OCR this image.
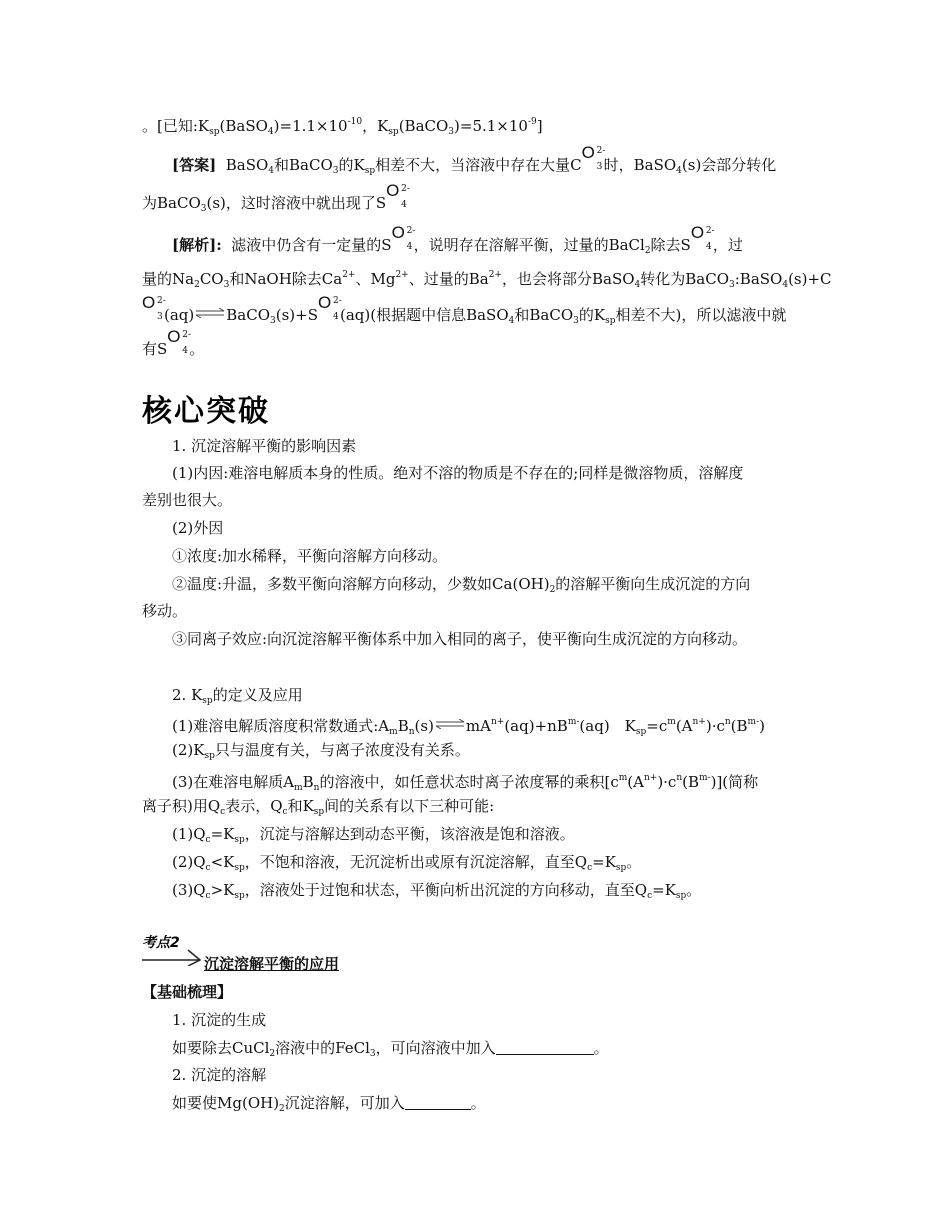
。[已知$:K_{sp}(BaSO_4)=1.1\times 10^{-10}$，$K_{sp}(BaCO_3)=5.1\times 10^{-9}$]
[答案] BaSO$_4$和BaCO$_3$的$K_{sp}$相差不大，当溶液中存在大量C
O 2-
3 时，BaSO$_4$(s)会部分转化
为BaCO$_3$(s)，这时溶液中就出现了S
O 2-
4
[解析]: 滤液中仍含有一定量的S
O 2-
4 ，说明存在溶解平衡，过量的BaCl$_2$除去S
O 2-
4 ，过
量的$Na_2CO_3$和NaOH除去$Ca^{2+}$、$Mg^{2+}$、过量的$Ba^{2+}$，也会将部分BaSO$_4$转化为BaCO$_3$:BaSO$_4$(s)+C
O 2-
3 (aq)⇌BaCO$_3$(s)+S
O 2-
4 (aq)(根据题中信息BaSO$_4$和BaCO$_3$的$K_{sp}$相差不大)，所以滤液中就
有S
O 2-
4 。
核心突破
1. 沉淀溶解平衡的影响因素
(1)内因:难溶电解质本身的性质。绝对不溶的物质是不存在的;同样是微溶物质，溶解度
差别也很大。
(2)外因
①浓度:加水稀释，平衡向溶解方向移动。
②温度:升温，多数平衡向溶解方向移动，少数如$Ca(OH)_2$的溶解平衡向生成沉淀的方向
移动。
③同离子效应:向沉淀溶解平衡体系中加入相同的离子，使平衡向生成沉淀的方向移动。
2. $K_{sp}$的定义及应用
(1)难溶电解质溶度积常数通式$:A_mB_n(s)\rightleftharpoons mA^{n+}(aq)+nB^{m-}(aq)$　$K_{sp}=c^m(A^{n+})\cdot c^n(B^{m-})$
$(2)K_{sp}$只与温度有关，与离子浓度没有关系。
(3)在难溶电解质$A_mB_n$的溶液中，如任意状态时离子浓度幂的乘积$[c^m(A^{n+})\cdot c^n(B^{m-})]$(简称
离子积)用$Q_c$表示，$Q_c$和$K_{sp}$间的关系有以下三种可能:
$(1)Q_c=K_{sp}$，沉淀与溶解达到动态平衡，该溶液是饱和溶液。
$(2)Q_c<K_{sp}$，不饱和溶液，无沉淀析出或原有沉淀溶解，直至$Q_c=K_{sp}$。
$(3)Q_c>K_{sp}$，溶液处于过饱和状态，平衡向析出沉淀的方向移动，直至$Q_c=K_{sp}$。
考点2
沉淀溶解平衡的应用
【基础梳理】
1. 沉淀的生成
如要除去CuCl$_2$溶液中的FeCl$_3$，可向溶液中加入	。
2. 沉淀的溶解
如要使$Mg(OH)_2$沉淀溶解，可加入	。
